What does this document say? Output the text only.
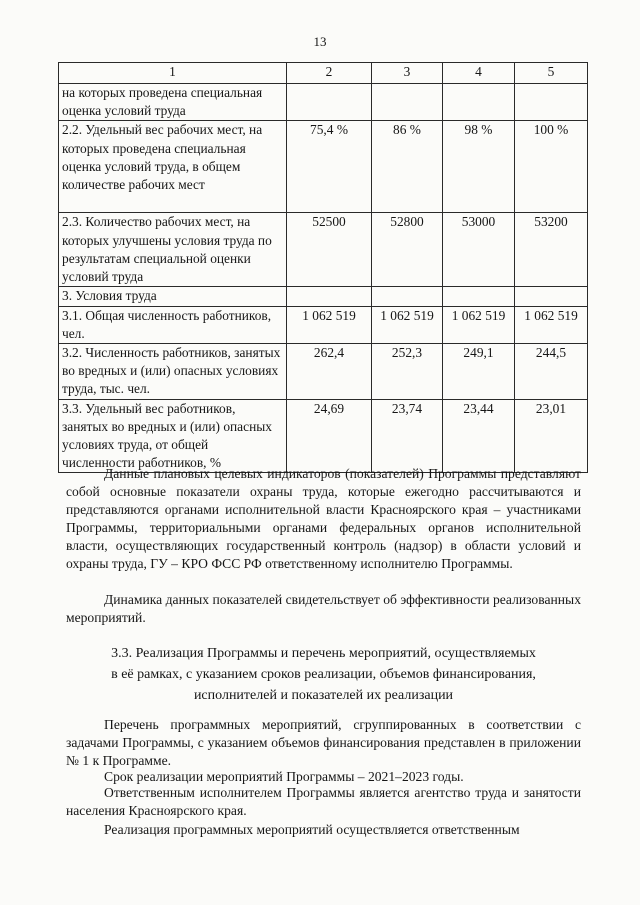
13
1	2	3	4	5
на которых проведена специальная оценка условий труда				
2.2. Удельный вес рабочих мест, на которых проведена специальная оценка условий труда, в общем количестве рабочих мест	75,4 %	86 %	98 %	100 %
2.3. Количество рабочих мест, на которых улучшены условия труда по результатам специальной оценки условий труда	52500	52800	53000	53200
3. Условия труда				
3.1. Общая численность работников, чел.	1 062 519	1 062 519	1 062 519	1 062 519
3.2. Численность работников, занятых во вредных и (или) опасных условиях труда, тыс. чел.	262,4	252,3	249,1	244,5
3.3. Удельный вес работников, занятых во вредных и (или) опасных условиях труда, от общей численности работников, %	24,69	23,74	23,44	23,01

Данные плановых целевых индикаторов (показателей) Программы представляют собой основные показатели охраны труда, которые ежегодно рассчитываются и представляются органами исполнительной власти Красноярского края – участниками Программы, территориальными органами федеральных органов исполнительной власти, осуществляющих государственный контроль (надзор) в области условий и охраны труда, ГУ – КРО ФСС РФ ответственному исполнителю Программы.

Динамика данных показателей свидетельствует об эффективности реализованных мероприятий.

3.3. Реализация Программы и перечень мероприятий, осуществляемых
в её рамках, с указанием сроков реализации, объемов финансирования,
исполнителей и показателей их реализации

Перечень программных мероприятий, сгруппированных в соответствии с задачами Программы, с указанием объемов финансирования представлен в приложении № 1 к Программе.

Срок реализации мероприятий Программы – 2021–2023 годы.

Ответственным исполнителем Программы является агентство труда и занятости населения Красноярского края.

Реализация программных мероприятий осуществляется ответственным
